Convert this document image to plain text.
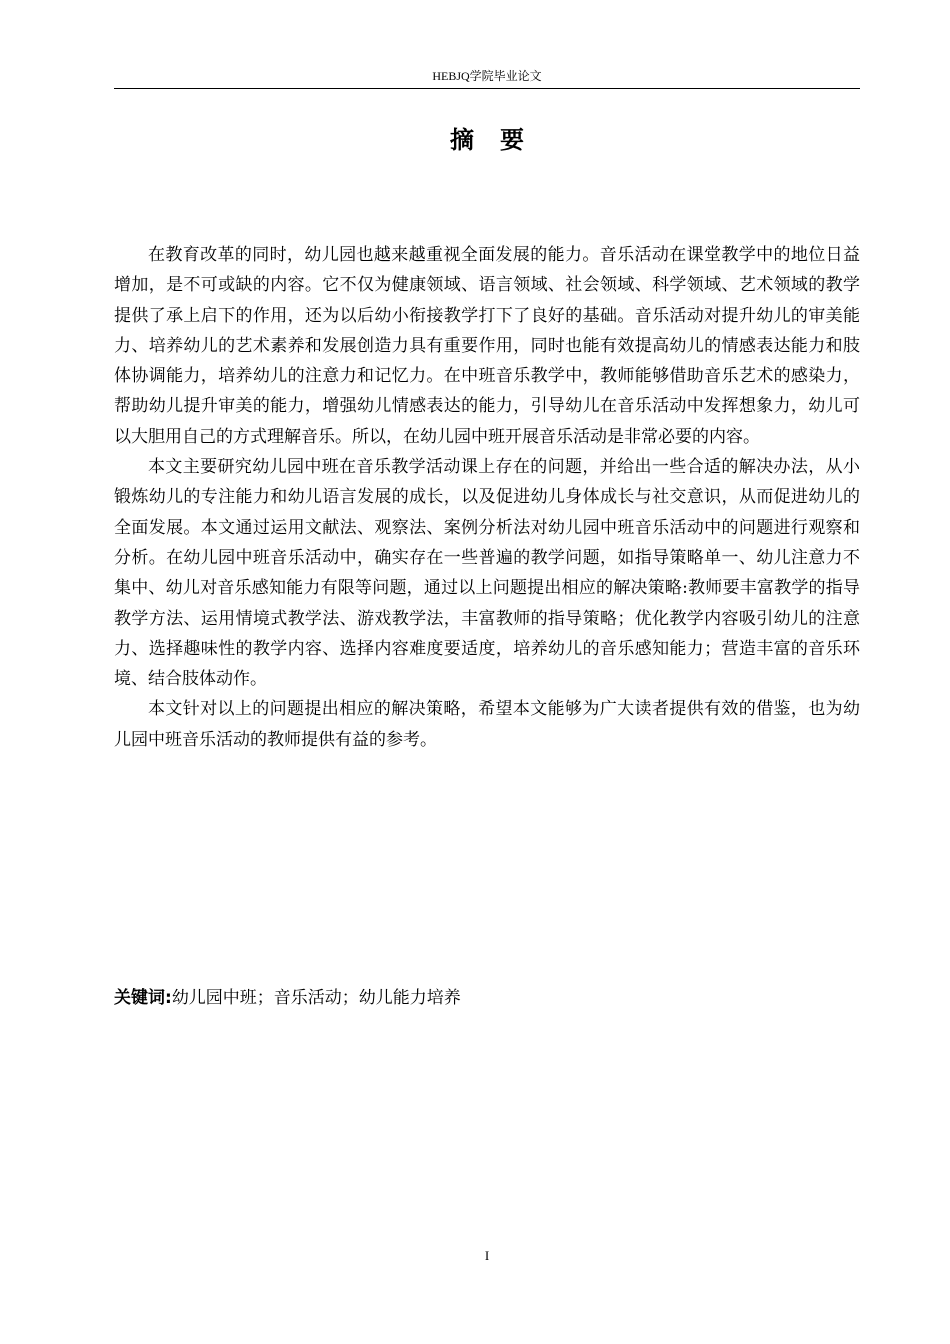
HEBJQ学院毕业论文
摘 要

在教育改革的同时，幼儿园也越来越重视全面发展的能力。音乐活动在课堂教学中的地位日益增加，是不可或缺的内容。它不仅为健康领域、语言领域、社会领域、科学领域、艺术领域的教学提供了承上启下的作用，还为以后幼小衔接教学打下了良好的基础。音乐活动对提升幼儿的审美能力、培养幼儿的艺术素养和发展创造力具有重要作用，同时也能有效提高幼儿的情感表达能力和肢体协调能力，培养幼儿的注意力和记忆力。在中班音乐教学中，教师能够借助音乐艺术的感染力，帮助幼儿提升审美的能力，增强幼儿情感表达的能力，引导幼儿在音乐活动中发挥想象力，幼儿可以大胆用自己的方式理解音乐。所以，在幼儿园中班开展音乐活动是非常必要的内容。

本文主要研究幼儿园中班在音乐教学活动课上存在的问题，并给出一些合适的解决办法，从小锻炼幼儿的专注能力和幼儿语言发展的成长，以及促进幼儿身体成长与社交意识，从而促进幼儿的全面发展。本文通过运用文献法、观察法、案例分析法对幼儿园中班音乐活动中的问题进行观察和分析。在幼儿园中班音乐活动中，确实存在一些普遍的教学问题，如指导策略单一、幼儿注意力不集中、幼儿对音乐感知能力有限等问题，通过以上问题提出相应的解决策略:教师要丰富教学的指导教学方法、运用情境式教学法、游戏教学法，丰富教师的指导策略；优化教学内容吸引幼儿的注意力、选择趣味性的教学内容、选择内容难度要适度，培养幼儿的音乐感知能力；营造丰富的音乐环境、结合肢体动作。

本文针对以上的问题提出相应的解决策略，希望本文能够为广大读者提供有效的借鉴，也为幼儿园中班音乐活动的教师提供有益的参考。

关键词:幼儿园中班；音乐活动；幼儿能力培养
I
